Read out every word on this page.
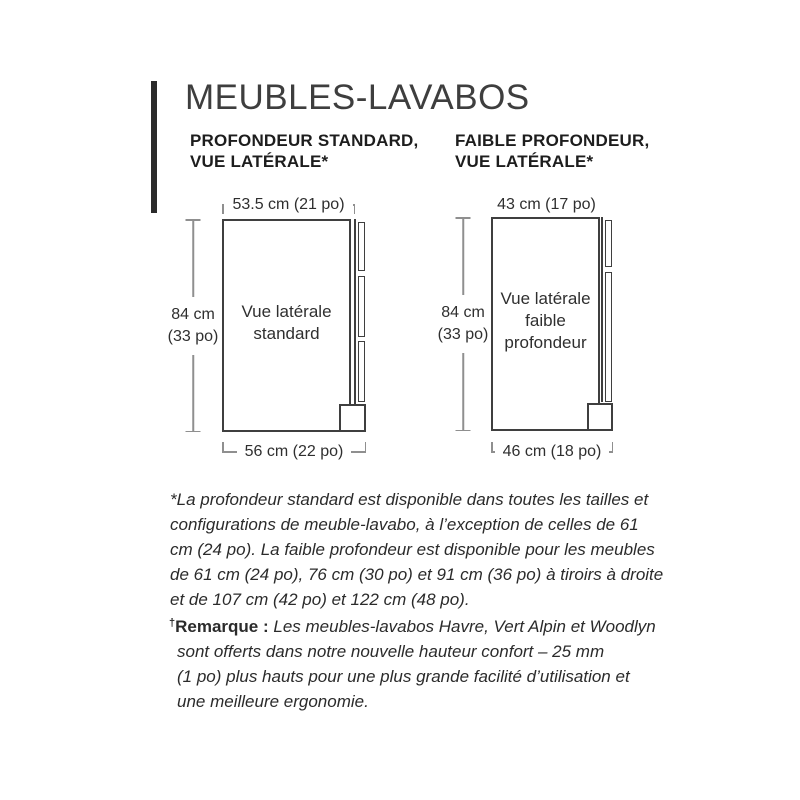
MEUBLES-LAVABOS
PROFONDEUR STANDARD,
VUE LATÉRALE*
FAIBLE PROFONDEUR,
VUE LATÉRALE*
53.5 cm (21 po)
84 cm
(33 po)
Vue latérale
standard
56 cm (22 po)
43 cm (17 po)
84 cm
(33 po)
Vue latérale
faible
profondeur
46 cm (18 po)
*La profondeur standard est disponible dans toutes les tailles et
configurations de meuble-lavabo, à l’exception de celles de 61
cm (24 po). La faible profondeur est disponible pour les meubles
de 61 cm (24 po), 76 cm (30 po) et 91 cm (36 po) à tiroirs à droite
et de 107 cm (42 po) et 122 cm (48 po).
†Remarque : Les meubles-lavabos Havre, Vert Alpin et Woodlyn
sont offerts dans notre nouvelle hauteur confort – 25 mm
(1 po) plus hauts pour une plus grande facilité d’utilisation et
une meilleure ergonomie.
